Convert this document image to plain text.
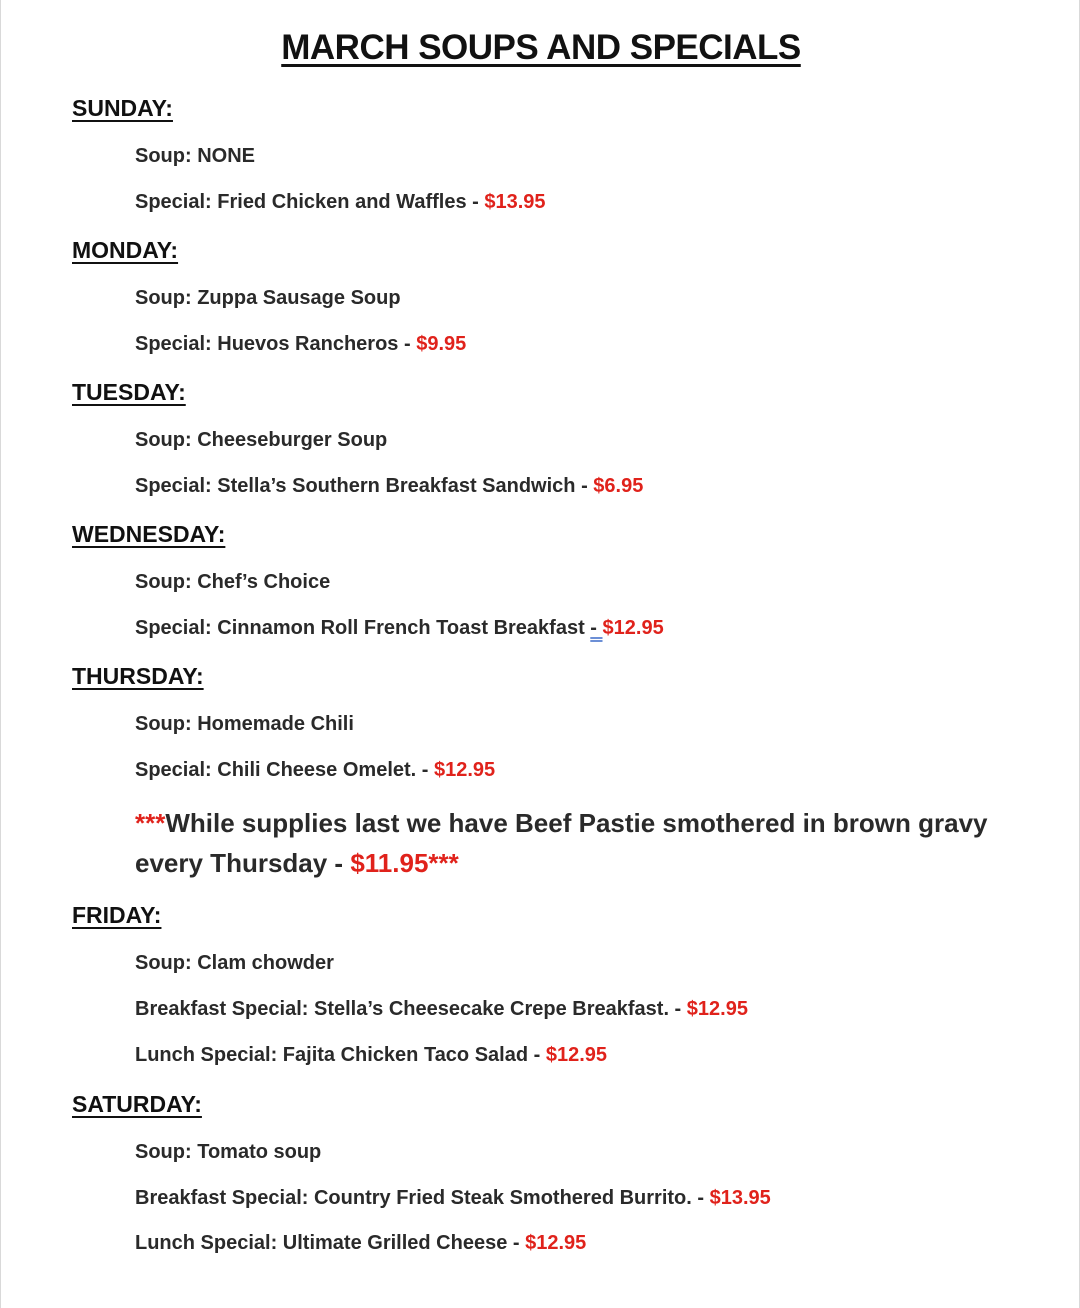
MARCH SOUPS AND SPECIALS
SUNDAY:
Soup: NONE
Special: Fried Chicken and Waffles - $13.95
MONDAY:
Soup: Zuppa Sausage Soup
Special: Huevos Rancheros - $9.95
TUESDAY:
Soup: Cheeseburger Soup
Special: Stella’s Southern Breakfast Sandwich - $6.95
WEDNESDAY:
Soup: Chef’s Choice
Special: Cinnamon Roll French Toast Breakfast - $12.95
THURSDAY:
Soup: Homemade Chili
Special: Chili Cheese Omelet. - $12.95
***While supplies last we have Beef Pastie smothered in brown gravy every Thursday - $11.95***
FRIDAY:
Soup: Clam chowder
Breakfast Special: Stella’s Cheesecake Crepe Breakfast. - $12.95
Lunch Special: Fajita Chicken Taco Salad - $12.95
SATURDAY:
Soup: Tomato soup
Breakfast Special: Country Fried Steak Smothered Burrito. - $13.95
Lunch Special: Ultimate Grilled Cheese - $12.95
